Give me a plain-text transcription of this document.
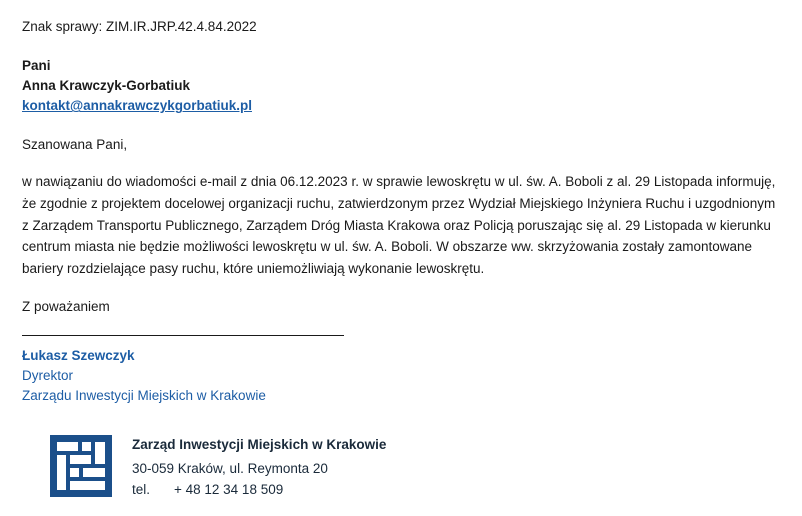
Znak sprawy: ZIM.IR.JRP.42.4.84.2022

Pani
Anna Krawczyk-Gorbatiuk
kontakt@annakrawczykgorbatiuk.pl

Szanowana Pani,

w nawiązaniu do wiadomości e-mail z dnia 06.12.2023 r. w sprawie lewoskrętu w ul. św. A. Boboli z al. 29 Listopada informuję, że zgodnie z projektem docelowej organizacji ruchu, zatwierdzonym przez Wydział Miejskiego Inżyniera Ruchu i uzgodnionym z Zarządem Transportu Publicznego, Zarządem Dróg Miasta Krakowa oraz Policją poruszając się al. 29 Listopada w kierunku centrum miasta nie będzie możliwości lewoskrętu w ul. św. A. Boboli. W obszarze ww. skrzyżowania zostały zamontowane bariery rozdzielające pasy ruchu, które uniemożliwiają wykonanie lewoskrętu.

Z poważaniem

Łukasz Szewczyk
Dyrektor
Zarządu Inwestycji Miejskich w Krakowie
Zarząd Inwestycji Miejskich w Krakowie
30-059 Kraków, ul. Reymonta 20
tel. + 48 12 34 18 509
